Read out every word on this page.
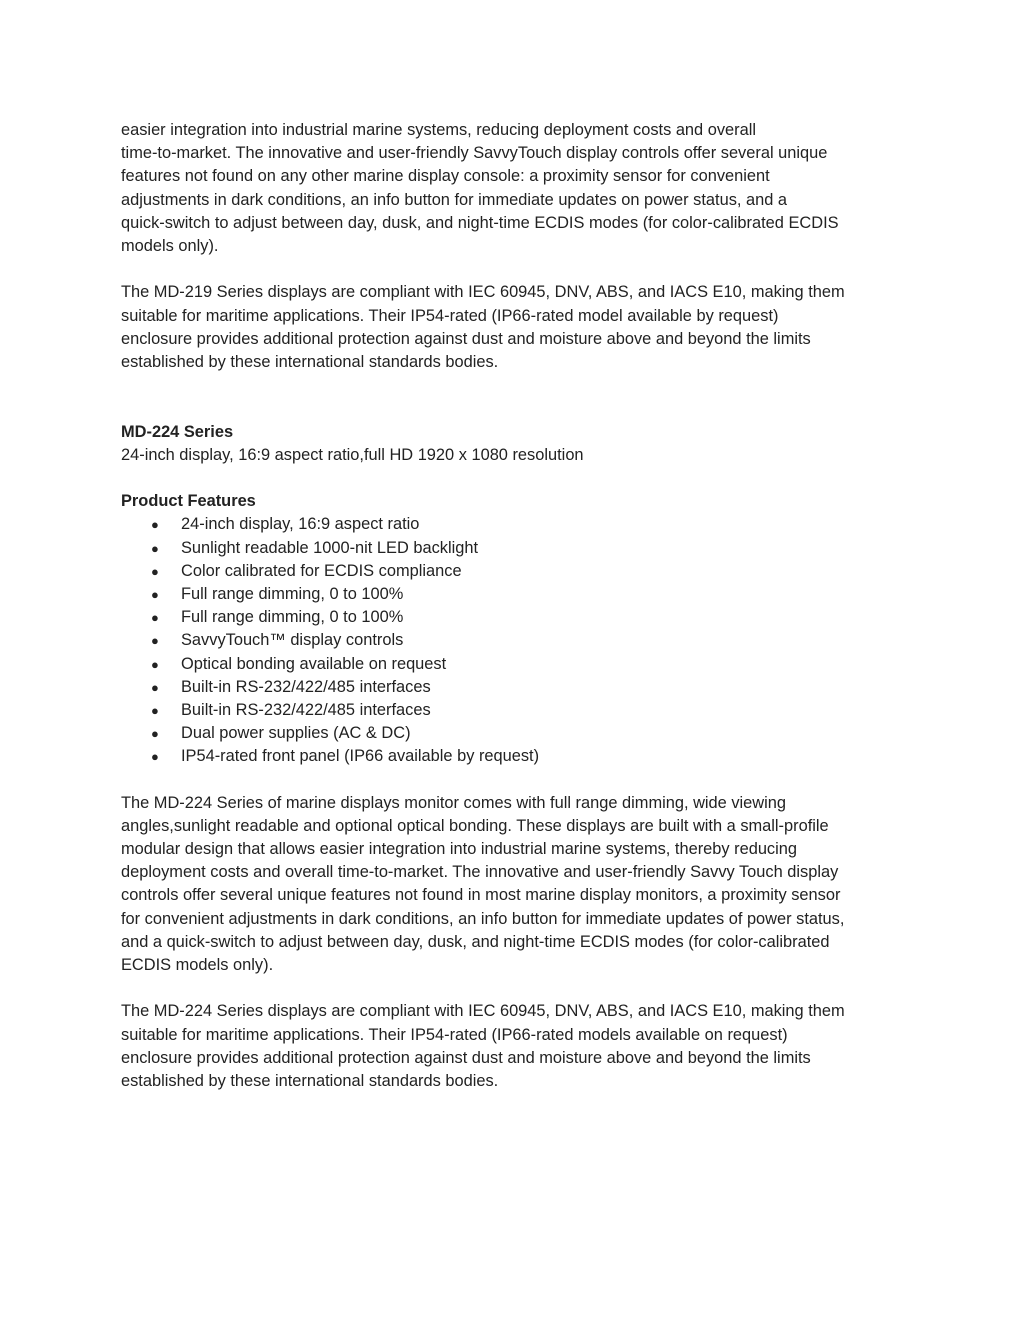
easier integration into industrial marine systems, reducing deployment costs and overall
time-to-market. The innovative and user-friendly SavvyTouch display controls offer several unique
features not found on any other marine display console: a proximity sensor for convenient
adjustments in dark conditions, an info button for immediate updates on power status, and a
quick-switch to adjust between day, dusk, and night-time ECDIS modes (for color-calibrated ECDIS
models only).

The MD-219 Series displays are compliant with IEC 60945, DNV, ABS, and IACS E10, making them
suitable for maritime applications. Their IP54-rated (IP66-rated model available by request)
enclosure provides additional protection against dust and moisture above and beyond the limits
established by these international standards bodies.

MD-224 Series
24-inch display, 16:9 aspect ratio,full HD 1920 x 1080 resolution
Product Features
● 24-inch display, 16:9 aspect ratio
● Sunlight readable 1000-nit LED backlight
● Color calibrated for ECDIS compliance
● Full range dimming, 0 to 100%
● Full range dimming, 0 to 100%
● SavvyTouch™ display controls
● Optical bonding available on request
● Built-in RS-232/422/485 interfaces
● Built-in RS-232/422/485 interfaces
● Dual power supplies (AC & DC)
● IP54-rated front panel (IP66 available by request)

The MD-224 Series of marine displays monitor comes with full range dimming, wide viewing
angles,sunlight readable and optional optical bonding. These displays are built with a small-profile
modular design that allows easier integration into industrial marine systems, thereby reducing
deployment costs and overall time-to-market. The innovative and user-friendly Savvy Touch display
controls offer several unique features not found in most marine display monitors, a proximity sensor
for convenient adjustments in dark conditions, an info button for immediate updates of power status,
and a quick-switch to adjust between day, dusk, and night-time ECDIS modes (for color-calibrated
ECDIS models only).

The MD-224 Series displays are compliant with IEC 60945, DNV, ABS, and IACS E10, making them
suitable for maritime applications. Their IP54-rated (IP66-rated models available on request)
enclosure provides additional protection against dust and moisture above and beyond the limits
established by these international standards bodies.
